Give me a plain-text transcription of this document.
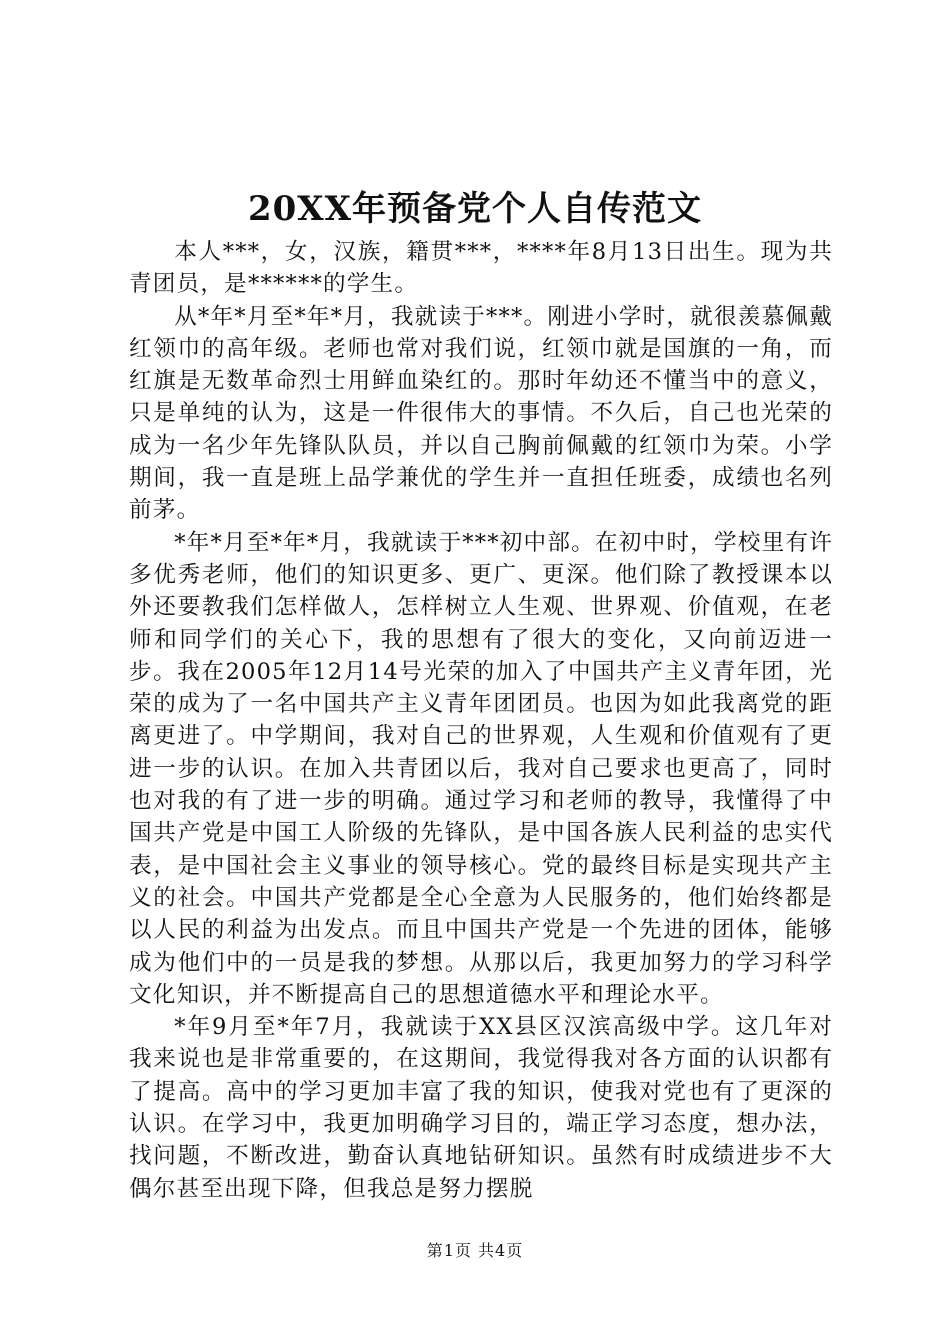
20XX年预备党个人自传范文

本人***，女，汉族，籍贯***，****年8月13日出生。现为共青团员，是******的学生。

从*年*月至*年*月，我就读于***。刚进小学时，就很羡慕佩戴红领巾的高年级。老师也常对我们说，红领巾就是国旗的一角，而红旗是无数革命烈士用鲜血染红的。那时年幼还不懂当中的意义，只是单纯的认为，这是一件很伟大的事情。不久后，自己也光荣的成为一名少年先锋队队员，并以自己胸前佩戴的红领巾为荣。小学期间，我一直是班上品学兼优的学生并一直担任班委，成绩也名列前茅。

*年*月至*年*月，我就读于***初中部。在初中时，学校里有许多优秀老师，他们的知识更多、更广、更深。他们除了教授课本以外还要教我们怎样做人，怎样树立人生观、世界观、价值观，在老师和同学们的关心下，我的思想有了很大的变化，又向前迈进一步。我在2005年12月14号光荣的加入了中国共产主义青年团，光荣的成为了一名中国共产主义青年团团员。也因为如此我离党的距离更进了。中学期间，我对自己的世界观，人生观和价值观有了更进一步的认识。在加入共青团以后，我对自己要求也更高了，同时也对我的有了进一步的明确。通过学习和老师的教导，我懂得了中国共产党是中国工人阶级的先锋队，是中国各族人民利益的忠实代表，是中国社会主义事业的领导核心。党的最终目标是实现共产主义的社会。中国共产党都是全心全意为人民服务的，他们始终都是以人民的利益为出发点。而且中国共产党是一个先进的团体，能够成为他们中的一员是我的梦想。从那以后，我更加努力的学习科学文化知识，并不断提高自己的思想道德水平和理论水平。

*年9月至*年7月，我就读于XX县区汉滨高级中学。这几年对我来说也是非常重要的，在这期间，我觉得我对各方面的认识都有了提高。高中的学习更加丰富了我的知识，使我对党也有了更深的认识。在学习中，我更加明确学习目的，端正学习态度，想办法，找问题，不断改进，勤奋认真地钻研知识。虽然有时成绩进步不大偶尔甚至出现下降，但我总是努力摆脱

第1页 共4页
